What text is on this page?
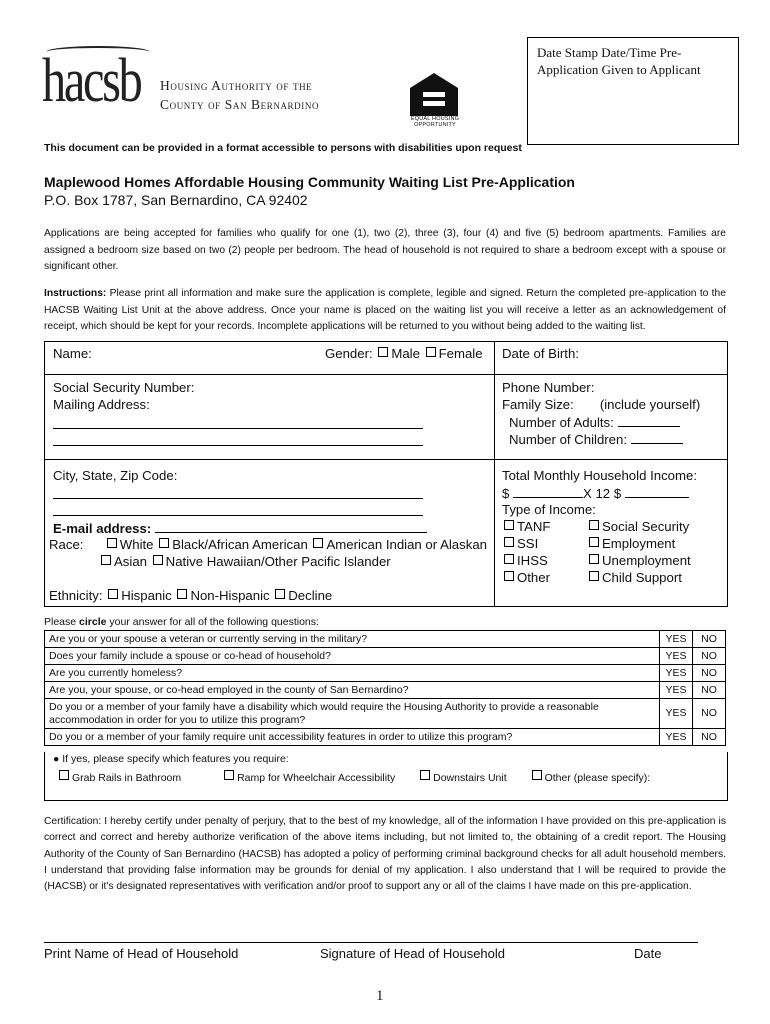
hacsb Housing Authority of the
County of San Bernardino
EQUAL HOUSING
OPPORTUNITY
Date Stamp Date/Time Pre-Application Given to Applicant
This document can be provided in a format accessible to persons with disabilities upon request
Maplewood Homes Affordable Housing Community Waiting List Pre-Application
P.O. Box 1787, San Bernardino, CA 92402
Applications are being accepted for families who qualify for one (1), two (2), three (3), four (4) and five (5) bedroom apartments. Families are assigned a bedroom size based on two (2) people per bedroom. The head of household is not required to share a bedroom except with a spouse or significant other.
Instructions: Please print all information and make sure the application is complete, legible and signed. Return the completed pre-application to the HACSB Waiting List Unit at the above address. Once your name is placed on the waiting list you will receive a letter as an acknowledgement of receipt, which should be kept for your records. Incomplete applications will be returned to you without being added to the waiting list.
Name:	Gender: Male Female Date of Birth:
Social Security Number:
Mailing Address:
Phone Number:
Family Size: (include yourself)
Number of Adults:
Number of Children:
City, State, Zip Code:
E-mail address:
Race:	White Black/African American American Indian or Alaskan
Asian Native Hawaiian/Other Pacific Islander
Ethnicity: Hispanic Non-Hispanic Decline
Total Monthly Household Income:
$	X 12 $
Type of Income:
TANF
SSI
IHSS
Other
Social Security
Employment
Unemployment
Child Support
Please circle your answer for all of the following questions:
Are you or your spouse a veteran or currently serving in the military?	YES	NO
Does your family include a spouse or co-head of household?	YES	NO
Are you currently homeless?	YES	NO
Are you, your spouse, or co-head employed in the county of San Bernardino?	YES	NO
Do you or a member of your family have a disability which would require the Housing Authority to provide a reasonable accommodation in order for you to utilize this program?	YES	NO
Do you or a member of your family require unit accessibility features in order to utilize this program?	YES	NO
● If yes, please specify which features you require:
Grab Rails in Bathroom	Ramp for Wheelchair Accessibility	Downstairs Unit	Other (please specify):
Certification: I hereby certify under penalty of perjury, that to the best of my knowledge, all of the information I have provided on this pre-application is correct and correct and hereby authorize verification of the above items including, but not limited to, the obtaining of a credit report. The Housing Authority of the County of San Bernardino (HACSB) has adopted a policy of performing criminal background checks for all adult household members. I understand that providing false information may be grounds for denial of my application. I also understand that I will be required to provide the (HACSB) or it's designated representatives with verification and/or proof to support any or all of the claims I have made on this pre-application.
Print Name of Head of Household	Signature of Head of Household	Date
1
